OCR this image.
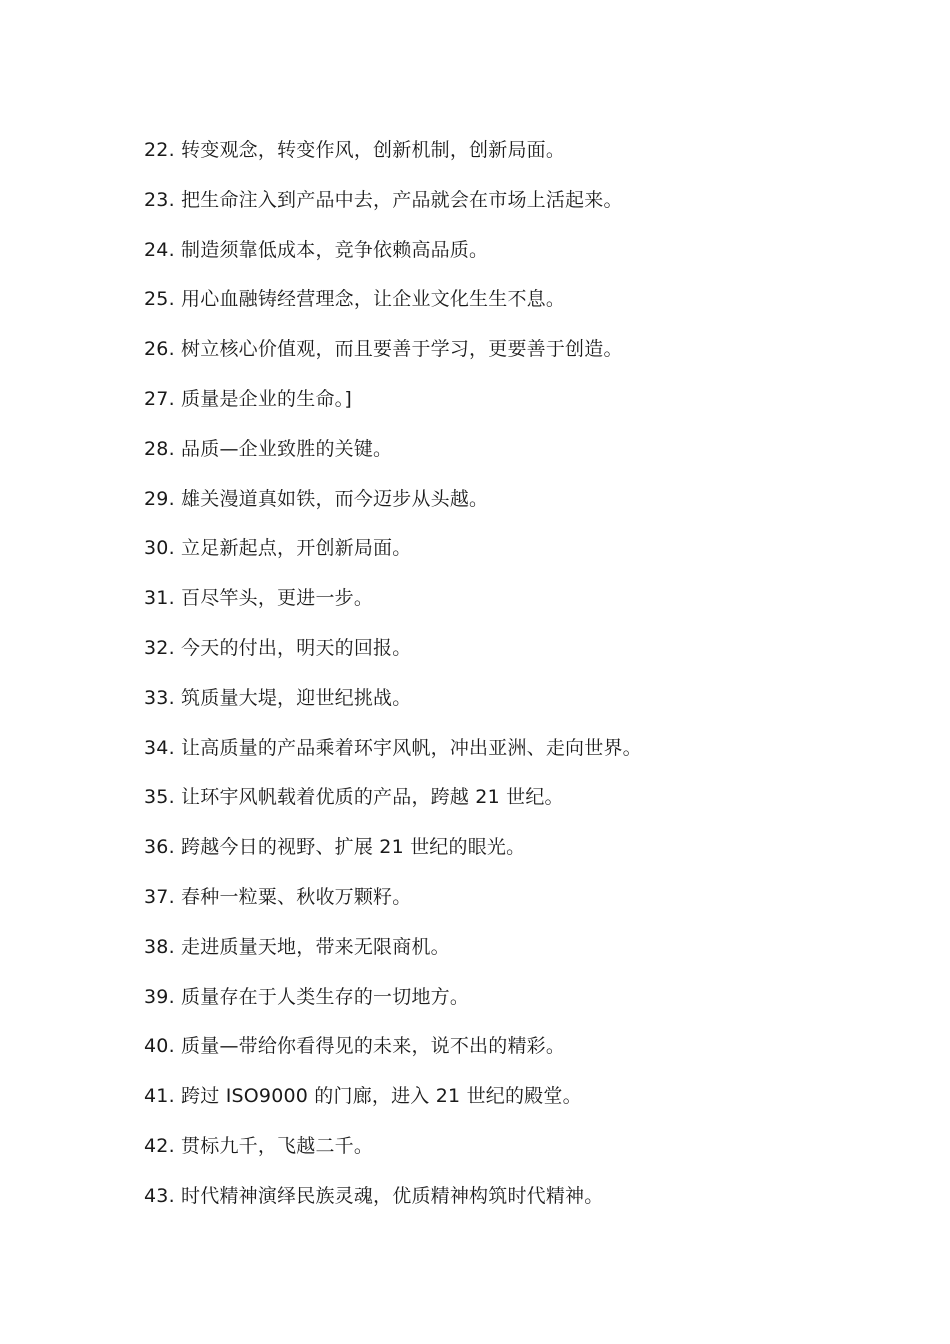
22. 转变观念，转变作风，创新机制，创新局面。
23. 把生命注入到产品中去，产品就会在市场上活起来。
24. 制造须靠低成本，竞争依赖高品质。
25. 用心血融铸经营理念，让企业文化生生不息。
26. 树立核心价值观，而且要善于学习，更要善于创造。
27. 质量是企业的生命。]
28. 品质—企业致胜的关键。
29. 雄关漫道真如铁，而今迈步从头越。
30. 立足新起点，开创新局面。
31. 百尽竿头，更进一步。
32. 今天的付出，明天的回报。
33. 筑质量大堤，迎世纪挑战。
34. 让高质量的产品乘着环宇风帆，冲出亚洲、走向世界。
35. 让环宇风帆载着优质的产品，跨越 21 世纪。
36. 跨越今日的视野、扩展 21 世纪的眼光。
37. 春种一粒粟、秋收万颗籽。
38. 走进质量天地，带来无限商机。
39. 质量存在于人类生存的一切地方。
40. 质量—带给你看得见的未来，说不出的精彩。
41. 跨过 ISO9000 的门廊，进入 21 世纪的殿堂。
42. 贯标九千，飞越二千。
43. 时代精神演绎民族灵魂，优质精神构筑时代精神。
